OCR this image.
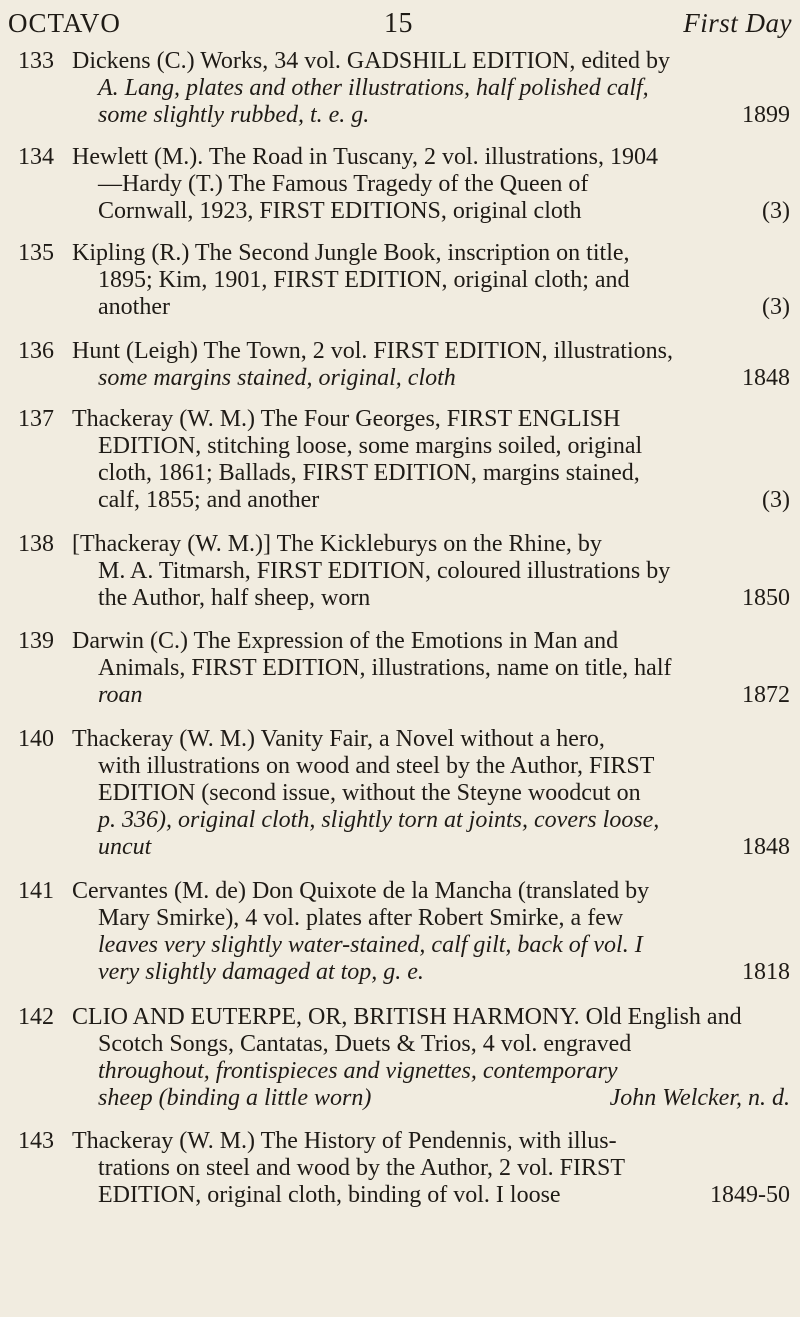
OCTAVO	15	First Day
133 Dickens (C.) Works, 34 vol. GADSHILL EDITION, edited by
A. Lang, plates and other illustrations, half polished calf,
some slightly rubbed, t. e. g.	1899
134 Hewlett (M.). The Road in Tuscany, 2 vol. illustrations, 1904
—Hardy (T.) The Famous Tragedy of the Queen of
Cornwall, 1923, FIRST EDITIONS, original cloth	(3)
135 Kipling (R.) The Second Jungle Book, inscription on title,
1895; Kim, 1901, FIRST EDITION, original cloth; and
another	(3)
136 Hunt (Leigh) The Town, 2 vol. FIRST EDITION, illustrations,
some margins stained, original, cloth	1848
137 Thackeray (W. M.) The Four Georges, FIRST ENGLISH
EDITION, stitching loose, some margins soiled, original
cloth, 1861; Ballads, FIRST EDITION, margins stained,
calf, 1855; and another	(3)
138 [Thackeray (W. M.)] The Kickleburys on the Rhine, by
M. A. Titmarsh, FIRST EDITION, coloured illustrations by
the Author, half sheep, worn	1850
139 Darwin (C.) The Expression of the Emotions in Man and
Animals, FIRST EDITION, illustrations, name on title, half
roan	1872
140 Thackeray (W. M.) Vanity Fair, a Novel without a hero,
with illustrations on wood and steel by the Author, FIRST
EDITION (second issue, without the Steyne woodcut on
p. 336), original cloth, slightly torn at joints, covers loose,
uncut	1848
141 Cervantes (M. de) Don Quixote de la Mancha (translated by
Mary Smirke), 4 vol. plates after Robert Smirke, a few
leaves very slightly water-stained, calf gilt, back of vol. I
very slightly damaged at top, g. e.	1818
142 CLIO AND EUTERPE, OR, BRITISH HARMONY. Old English and
Scotch Songs, Cantatas, Duets & Trios, 4 vol. engraved
throughout, frontispieces and vignettes, contemporary
sheep (binding a little worn)	John Welcker, n. d.
143 Thackeray (W. M.) The History of Pendennis, with illus-
trations on steel and wood by the Author, 2 vol. FIRST
EDITION, original cloth, binding of vol. I loose	1849-50
